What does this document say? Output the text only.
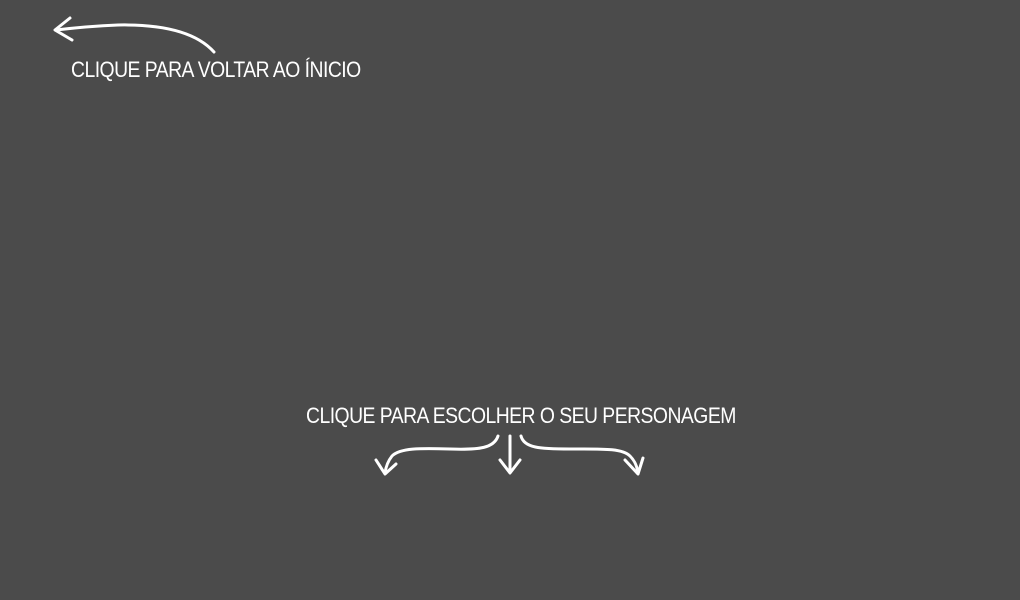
CLIQUE PARA VOLTAR AO ÍNICIO
CLIQUE PARA ESCOLHER O SEU PERSONAGEM
